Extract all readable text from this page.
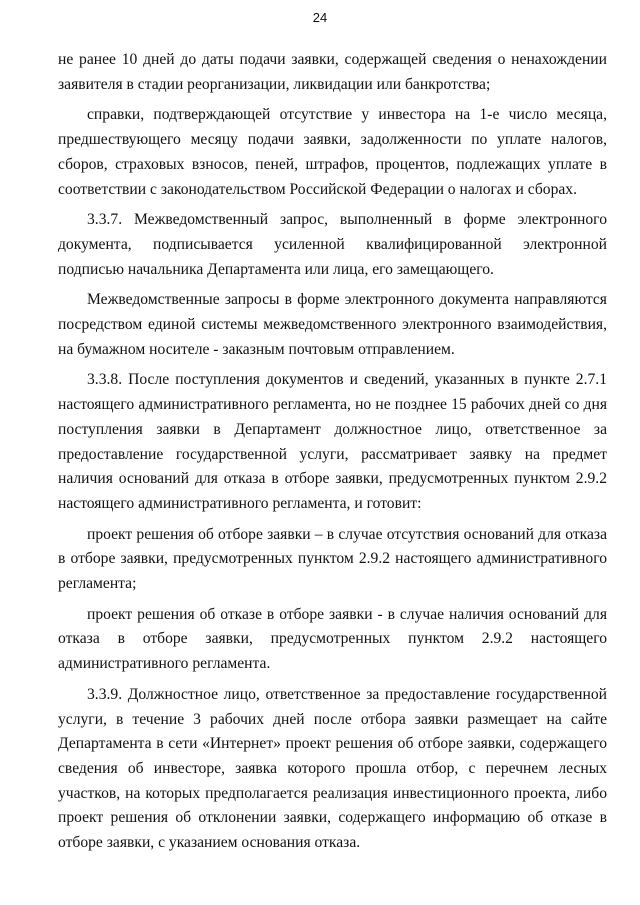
24

не ранее 10 дней до даты подачи заявки, содержащей сведения о ненахождении заявителя в стадии реорганизации, ликвидации или банкротства;

справки, подтверждающей отсутствие у инвестора на 1-е число месяца, предшествующего месяцу подачи заявки, задолженности по уплате налогов, сборов, страховых взносов, пеней, штрафов, процентов, подлежащих уплате в соответствии с законодательством Российской Федерации о налогах и сборах.

3.3.7. Межведомственный запрос, выполненный в форме электронного документа, подписывается усиленной квалифицированной электронной подписью начальника Департамента или лица, его замещающего.

Межведомственные запросы в форме электронного документа направляются посредством единой системы межведомственного электронного взаимодействия, на бумажном носителе - заказным почтовым отправлением.

3.3.8. После поступления документов и сведений, указанных в пункте 2.7.1 настоящего административного регламента, но не позднее 15 рабочих дней со дня поступления заявки в Департамент должностное лицо, ответственное за предоставление государственной услуги, рассматривает заявку на предмет наличия оснований для отказа в отборе заявки, предусмотренных пунктом 2.9.2 настоящего административного регламента, и готовит:

проект решения об отборе заявки – в случае отсутствия оснований для отказа в отборе заявки, предусмотренных пунктом 2.9.2 настоящего административного регламента;

проект решения об отказе в отборе заявки - в случае наличия оснований для отказа в отборе заявки, предусмотренных пунктом 2.9.2 настоящего административного регламента.

3.3.9. Должностное лицо, ответственное за предоставление государственной услуги, в течение 3 рабочих дней после отбора заявки размещает на сайте Департамента в сети «Интернет» проект решения об отборе заявки, содержащего сведения об инвесторе, заявка которого прошла отбор, с перечнем лесных участков, на которых предполагается реализация инвестиционного проекта, либо проект решения об отклонении заявки, содержащего информацию об отказе в отборе заявки, с указанием основания отказа.
